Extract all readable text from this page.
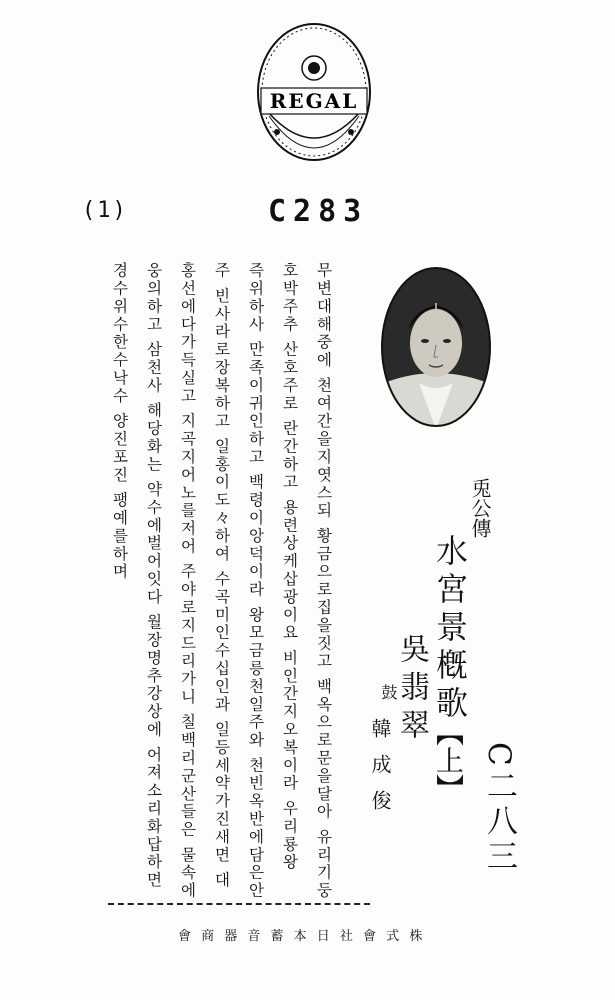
REGAL
(1)	C283
무변대해중에 천여간을지엿스되 황금으로집을짓고 백옥으로문을달아 유리기둥
호박주추 산호주로 란간하고 용련상케삽광이요 비인간지오복이라 우리룡왕
즉위하사 만족이귀인하고 백령이앙덕이라 왕모금릉천일주와 천빈옥반에담은안
주 빈사라로장복하고 일홍이도々하여 수곡미인수십인과 일등세약가진새면 대
홍선에다가득실고 지곡지어노를저어 주야로지드리가니 칠백리군산들은 물속에
웅의하고 삼천사 해당화는 약수에벌어잇다 월장명추강상에 어져소리화답하면
경수위수한수낙수 양진포진 팽예를하며	兎公傳
水宮景槪歌
【上】 C二八三
吳翡翠
鼓
韓成俊
會 商 器 音 蓄 本 日 社 會 式 株
